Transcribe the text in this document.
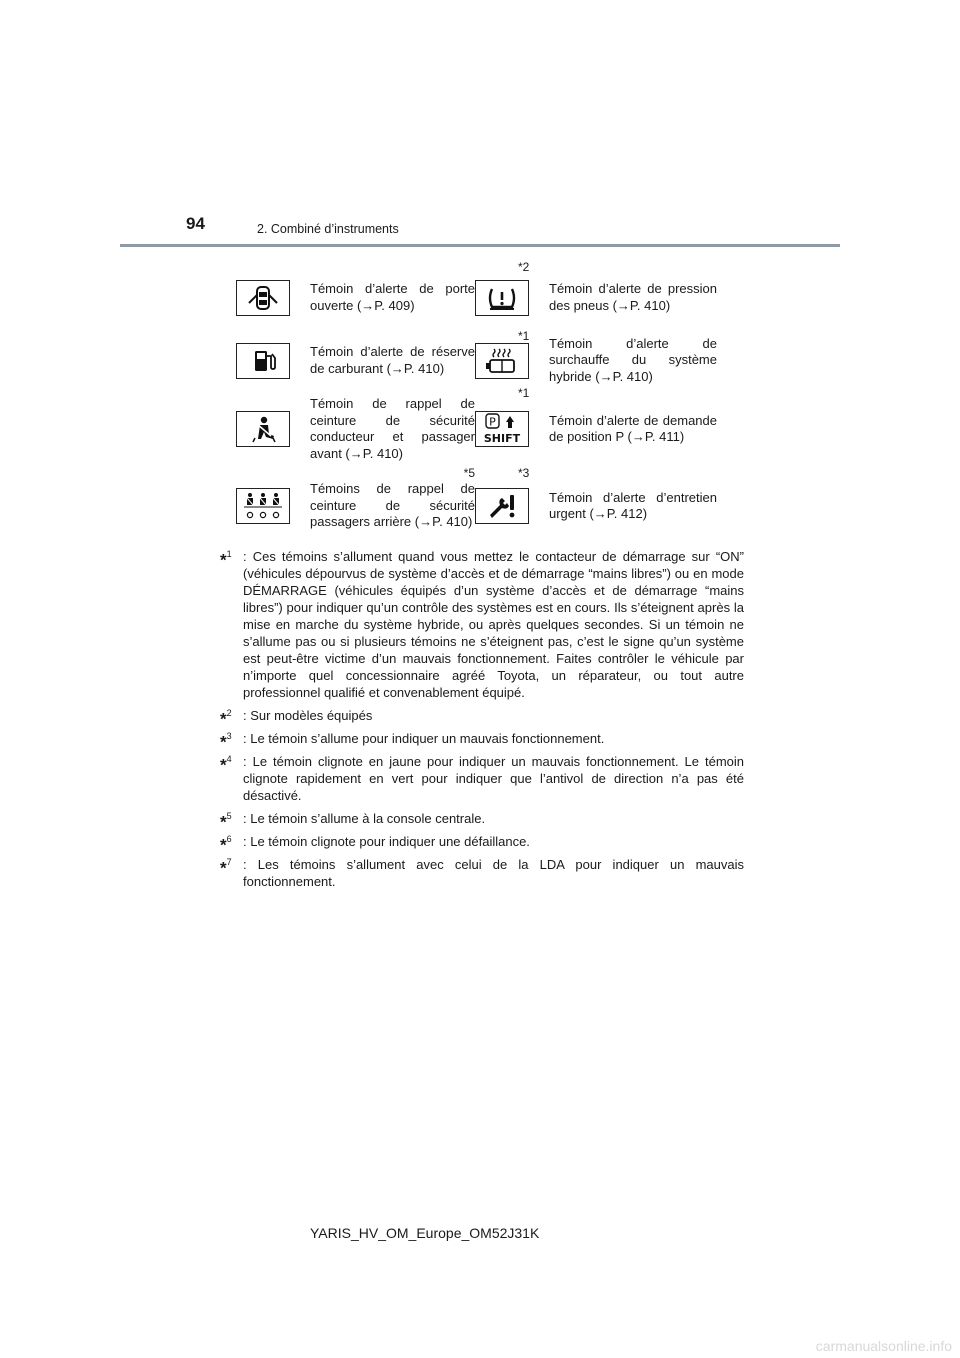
94	2. Combiné d’instruments
Témoin d’alerte de porte ouverte (→P. 409)
*2
Témoin d’alerte de pression des pneus (→P. 410)
Témoin d’alerte de réserve de carburant (→P. 410)
*1 Témoin d’alerte de surchauffe du système hybride (→P. 410)
Témoin de rappel de ceinture de sécurité conducteur et passager avant (→P. 410)
*1
P
SHIFT
Témoin d’alerte de demande de position P (→P. 411)
*5
Témoins de rappel de ceinture de sécurité passagers arrière (→P. 410)
*3
Témoin d’alerte d’entretien urgent (→P. 412)
*$^1$ : Ces témoins s’allument quand vous mettez le contacteur de démarrage sur “ON” (véhicules dépourvus de système d’accès et de démarrage “mains libres”) ou en mode DÉMARRAGE (véhicules équipés d’un système d’accès et de démarrage “mains libres”) pour indiquer qu’un contrôle des systèmes est en cours. Ils s’éteignent après la mise en marche du système hybride, ou après quelques secondes. Si un témoin ne s’allume pas ou si plusieurs témoins ne s’éteignent pas, c’est le signe qu’un système est peut-être victime d’un mauvais fonctionnement. Faites contrôler le véhicule par n’importe quel concessionnaire agréé Toyota, un réparateur, ou tout autre professionnel qualifié et convenablement équipé.
*$^2$ : Sur modèles équipés
*$^3$ : Le témoin s’allume pour indiquer un mauvais fonctionnement.
*$^4$ : Le témoin clignote en jaune pour indiquer un mauvais fonctionnement. Le témoin clignote rapidement en vert pour indiquer que l’antivol de direction n’a pas été désactivé.
*$^5$ : Le témoin s’allume à la console centrale.
*$^6$ : Le témoin clignote pour indiquer une défaillance.
*$^7$ : Les témoins s’allument avec celui de la LDA pour indiquer un mauvais fonctionnement.
YARIS_HV_OM_Europe_OM52J31K
carmanualsonline.info
